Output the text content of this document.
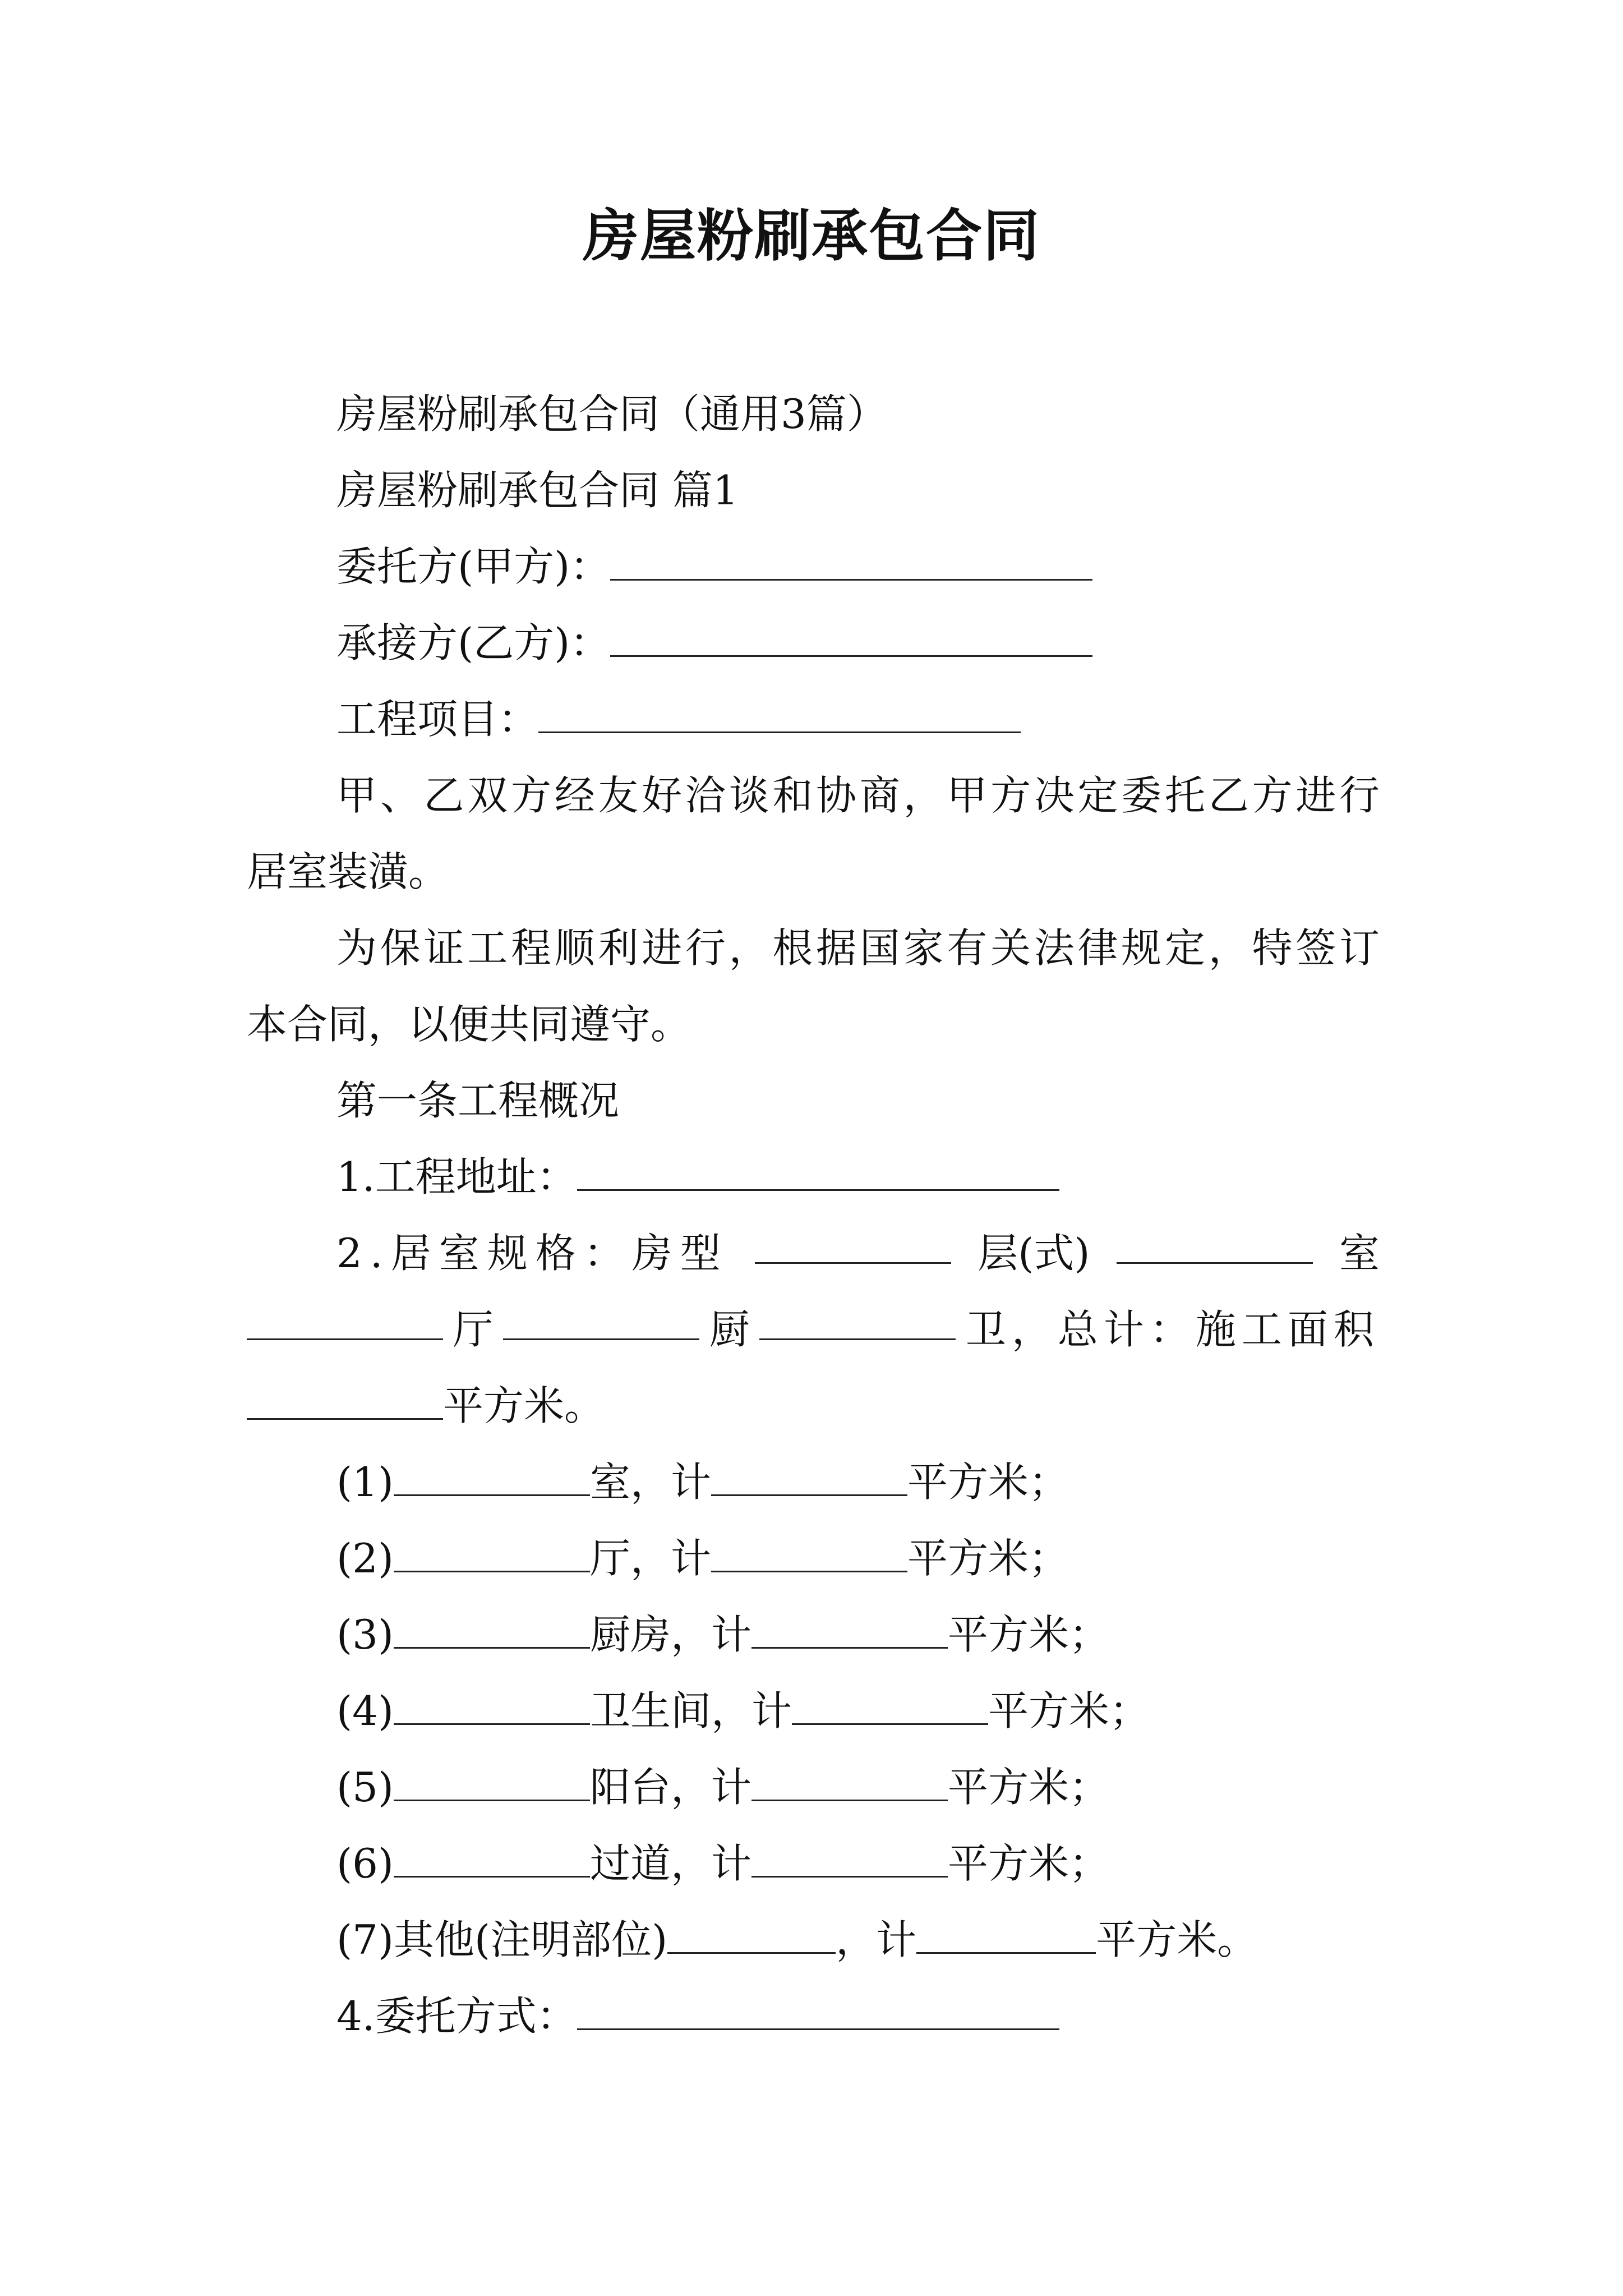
房屋粉刷承包合同
房屋粉刷承包合同（通用3篇）
房屋粉刷承包合同 篇1
委托方(甲方)：
承接方(乙方)：
工程项目：
甲、乙双方经友好洽谈和协商，甲方决定委托乙方进行
居室装潢。
为保证工程顺利进行，根据国家有关法律规定，特签订
本合同，以便共同遵守。
第一条工程概况
1.工程地址：
2.居室规格：房型	层(式)	室
厅	厨	卫，总计：施工面积
平方米。
(1)	室，计	平方米；
(2)	厅，计	平方米；
(3)	厨房，计	平方米；
(4)	卫生间，计	平方米；
(5)	阳台，计	平方米；
(6)	过道，计	平方米；
(7)其他(注明部位)	，计	平方米。
4.委托方式：
